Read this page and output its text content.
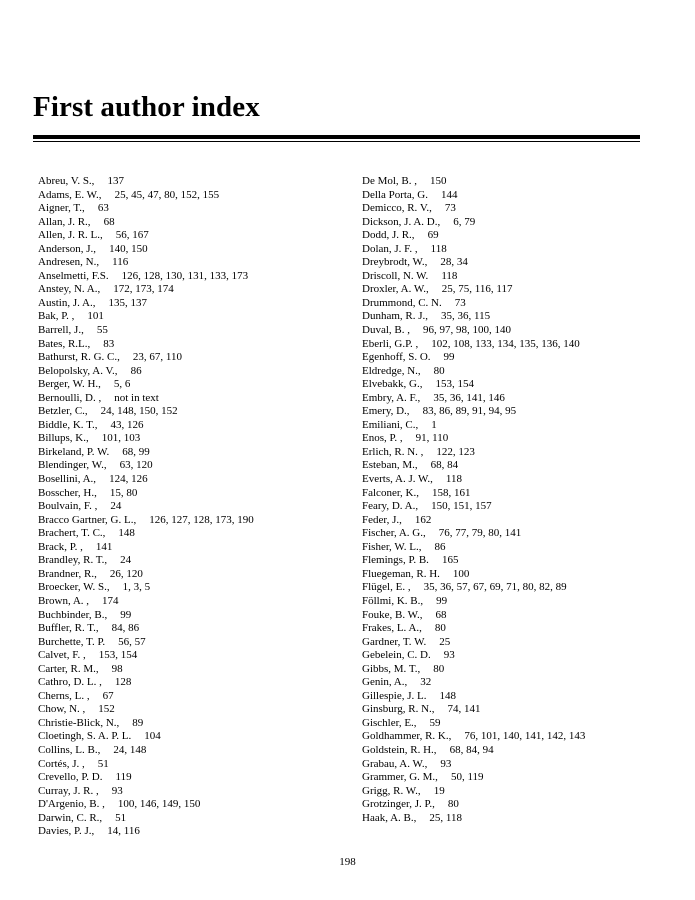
First author index
Abreu, V. S., 137
Adams, E. W., 25, 45, 47, 80, 152, 155
Aigner, T., 63
Allan, J. R., 68
Allen, J. R. L., 56, 167
Anderson, J., 140, 150
Andresen, N., 116
Anselmetti, F.S. 126, 128, 130, 131, 133, 173
Anstey, N. A., 172, 173, 174
Austin, J. A., 135, 137
Bak, P. , 101
Barrell, J., 55
Bates, R.L., 83
Bathurst, R. G. C., 23, 67, 110
Belopolsky, A. V., 86
Berger, W. H., 5, 6
Bernoulli, D. , not in text
Betzler, C., 24, 148, 150, 152
Biddle, K. T., 43, 126
Billups, K., 101, 103
Birkeland, P. W. 68, 99
Blendinger, W., 63, 120
Bosellini, A., 124, 126
Bosscher, H., 15, 80
Boulvain, F. , 24
Bracco Gartner, G. L., 126, 127, 128, 173, 190
Brachert, T. C., 148
Brack, P. , 141
Brandley, R. T., 24
Brandner, R., 26, 120
Broecker, W. S., 1, 3, 5
Brown, A. , 174
Buchbinder, B., 99
Buffler, R. T., 84, 86
Burchette, T. P. 56, 57
Calvet, F. , 153, 154
Carter, R. M., 98
Cathro, D. L. , 128
Cherns, L. , 67
Chow, N. , 152
Christie-Blick, N., 89
Cloetingh, S. A. P. L. 104
Collins, L. B., 24, 148
Cortés, J. , 51
Crevello, P. D. 119
Curray, J. R. , 93
D'Argenio, B. , 100, 146, 149, 150
Darwin, C. R., 51
Davies, P. J., 14, 116
De Mol, B. , 150
Della Porta, G. 144
Demicco, R. V., 73
Dickson, J. A. D., 6, 79
Dodd, J. R., 69
Dolan, J. F. , 118
Dreybrodt, W., 28, 34
Driscoll, N. W. 118
Droxler, A. W., 25, 75, 116, 117
Drummond, C. N. 73
Dunham, R. J., 35, 36, 115
Duval, B. , 96, 97, 98, 100, 140
Eberli, G.P. , 102, 108, 133, 134, 135, 136, 140
Egenhoff, S. O. 99
Eldredge, N., 80
Elvebakk, G., 153, 154
Embry, A. F., 35, 36, 141, 146
Emery, D., 83, 86, 89, 91, 94, 95
Emiliani, C., 1
Enos, P. , 91, 110
Erlich, R. N. , 122, 123
Esteban, M., 68, 84
Everts, A. J. W., 118
Falconer, K., 158, 161
Feary, D. A., 150, 151, 157
Feder, J., 162
Fischer, A. G., 76, 77, 79, 80, 141
Fisher, W. L., 86
Flemings, P. B. 165
Fluegeman, R. H. 100
Flügel, E. , 35, 36, 57, 67, 69, 71, 80, 82, 89
Föllmi, K. B., 99
Fouke, B. W., 68
Frakes, L. A., 80
Gardner, T. W. 25
Gebelein, C. D. 93
Gibbs, M. T., 80
Genin, A., 32
Gillespie, J. L. 148
Ginsburg, R. N., 74, 141
Gischler, E., 59
Goldhammer, R. K., 76, 101, 140, 141, 142, 143
Goldstein, R. H., 68, 84, 94
Grabau, A. W., 93
Grammer, G. M., 50, 119
Grigg, R. W., 19
Grotzinger, J. P., 80
Haak, A. B., 25, 118
198
